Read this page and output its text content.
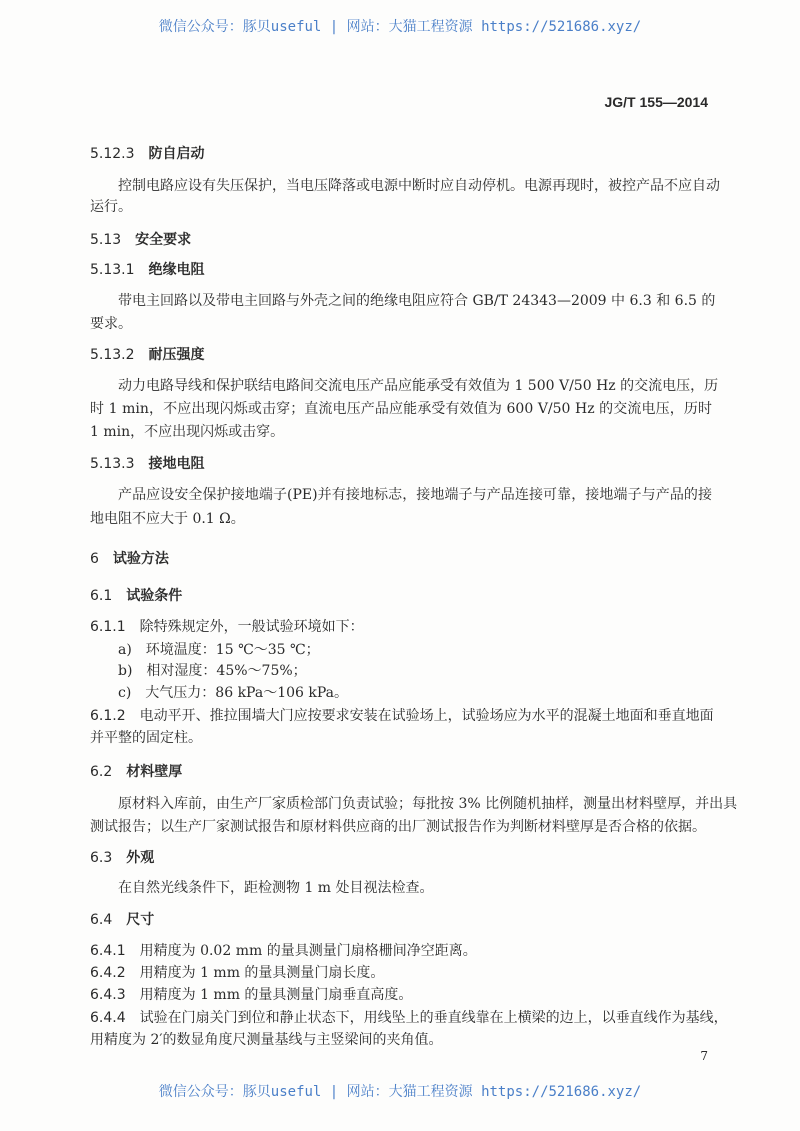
微信公众号：豚贝useful | 网站：大猫工程资源 https://521686.xyz/
JG/T 155—2014
5.12.3 防自启动
控制电路应设有失压保护，当电压降落或电源中断时应自动停机。电源再现时，被控产品不应自动
运行。
5.13 安全要求
5.13.1 绝缘电阻
带电主回路以及带电主回路与外壳之间的绝缘电阻应符合 GB/T 24343—2009 中 6.3 和 6.5 的
要求。
5.13.2 耐压强度
动力电路导线和保护联结电路间交流电压产品应能承受有效值为 1 500 V/50 Hz 的交流电压，历
时 1 min，不应出现闪烁或击穿；直流电压产品应能承受有效值为 600 V/50 Hz 的交流电压，历时
1 min，不应出现闪烁或击穿。
5.13.3 接地电阻
产品应设安全保护接地端子(PE)并有接地标志，接地端子与产品连接可靠，接地端子与产品的接
地电阻不应大于 0.1 Ω。
6 试验方法
6.1 试验条件
6.1.1 除特殊规定外，一般试验环境如下：
a)　环境温度：15 ℃～35 ℃；
b)　相对湿度：45%～75%；
c)　大气压力：86 kPa～106 kPa。
6.1.2 电动平开、推拉围墙大门应按要求安装在试验场上，试验场应为水平的混凝土地面和垂直地面
并平整的固定柱。
6.2 材料壁厚
原材料入库前，由生产厂家质检部门负责试验；每批按 3% 比例随机抽样，测量出材料壁厚，并出具
测试报告；以生产厂家测试报告和原材料供应商的出厂测试报告作为判断材料壁厚是否合格的依据。
6.3 外观
在自然光线条件下，距检测物 1 m 处目视法检查。
6.4 尺寸
6.4.1 用精度为 0.02 mm 的量具测量门扇格栅间净空距离。
6.4.2 用精度为 1 mm 的量具测量门扇长度。
6.4.3 用精度为 1 mm 的量具测量门扇垂直高度。
6.4.4 试验在门扇关门到位和静止状态下，用线坠上的垂直线靠在上横梁的边上，以垂直线作为基线，
用精度为 2′的数显角度尺测量基线与主竖梁间的夹角值。
7
微信公众号：豚贝useful | 网站：大猫工程资源 https://521686.xyz/
